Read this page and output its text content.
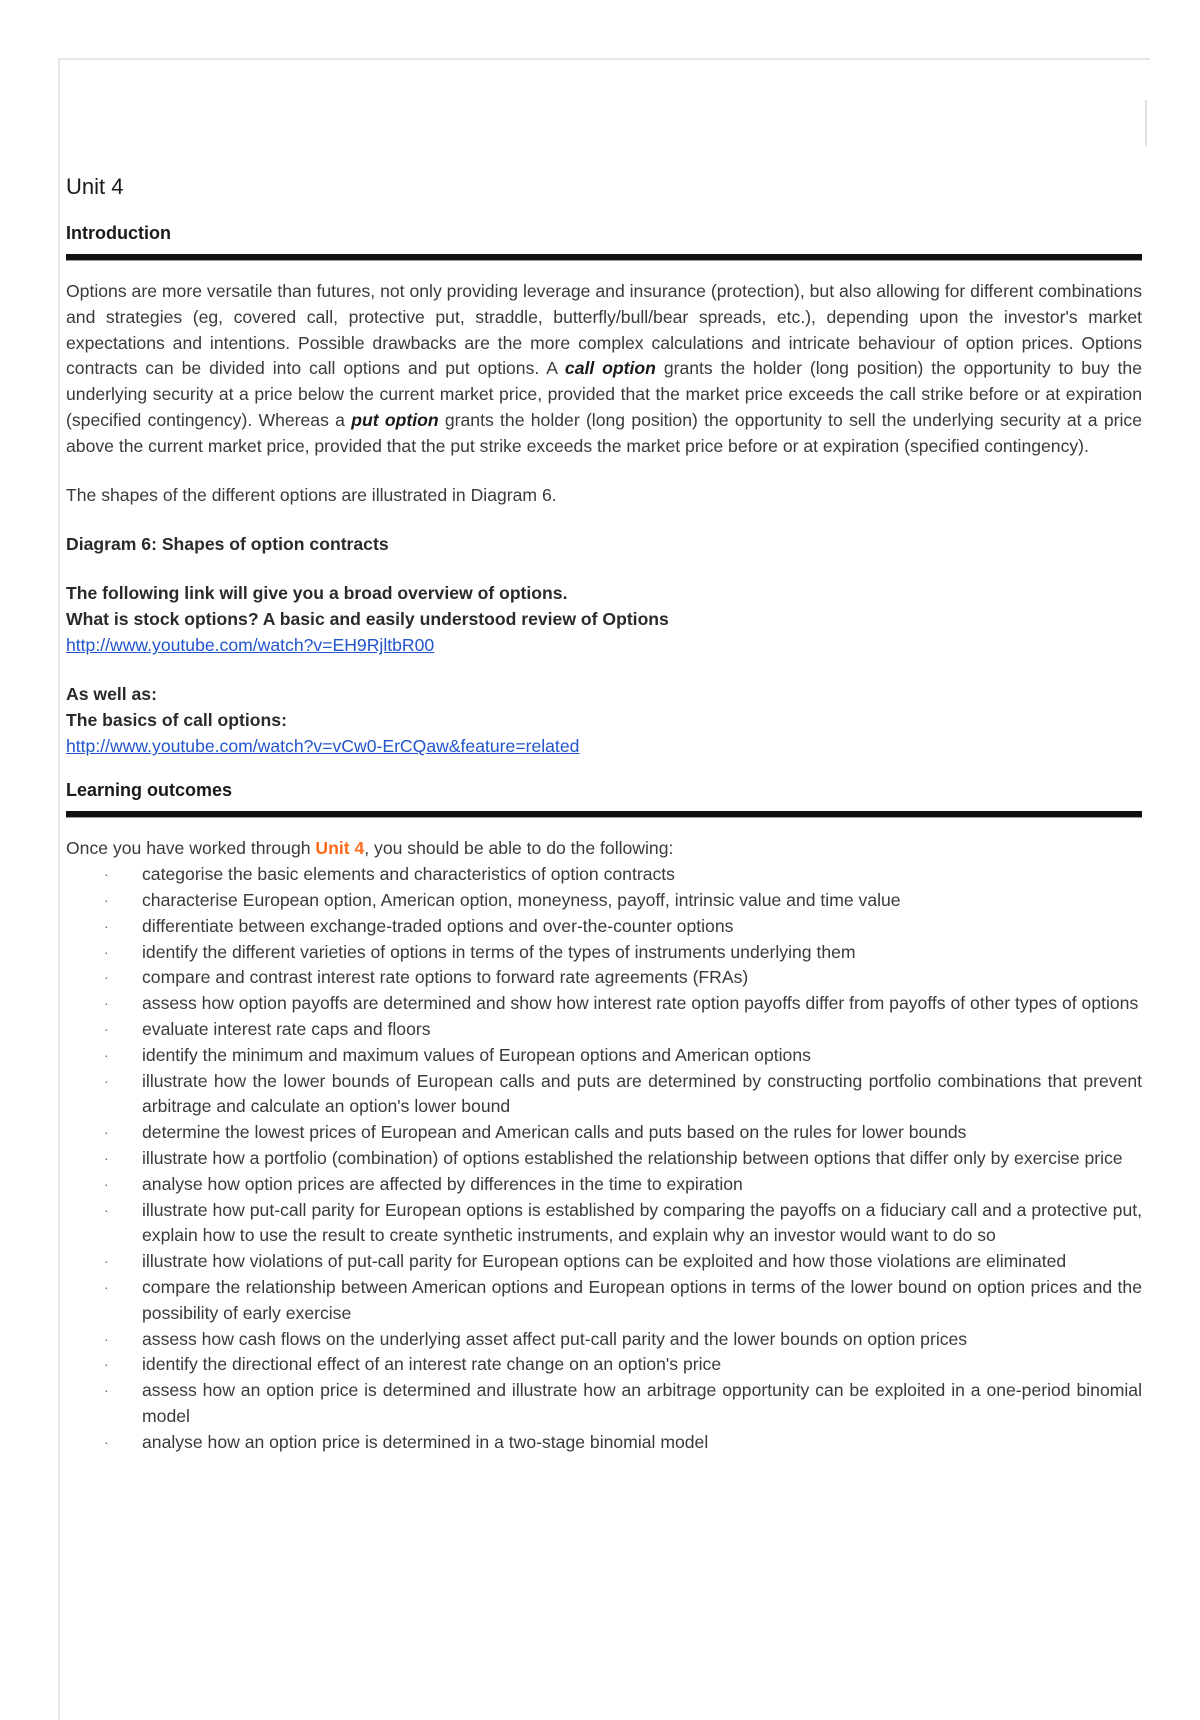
Unit 4
Introduction

Options are more versatile than futures, not only providing leverage and insurance (protection), but also allowing for different combinations and strategies (eg, covered call, protective put, straddle, butterfly/bull/bear spreads, etc.), depending upon the investor's market expectations and intentions. Possible drawbacks are the more complex calculations and intricate behaviour of option prices. Options contracts can be divided into call options and put options. A call option grants the holder (long position) the opportunity to buy the underlying security at a price below the current market price, provided that the market price exceeds the call strike before or at expiration (specified contingency). Whereas a put option grants the holder (long position) the opportunity to sell the underlying security at a price above the current market price, provided that the put strike exceeds the market price before or at expiration (specified contingency).

The shapes of the different options are illustrated in Diagram 6.

Diagram 6: Shapes of option contracts

The following link will give you a broad overview of options.

What is stock options? A basic and easily understood review of Options

http://www.youtube.com/watch?v=EH9RjltbR00

As well as:

The basics of call options:

http://www.youtube.com/watch?v=vCw0-ErCQaw&feature=related

Learning outcomes

Once you have worked through Unit 4, you should be able to do the following:

· categorise the basic elements and characteristics of option contracts
· characterise European option, American option, moneyness, payoff, intrinsic value and time value
· differentiate between exchange-traded options and over-the-counter options
· identify the different varieties of options in terms of the types of instruments underlying them
· compare and contrast interest rate options to forward rate agreements (FRAs)
· assess how option payoffs are determined and show how interest rate option payoffs differ from payoffs of other types of options
· evaluate interest rate caps and floors
· identify the minimum and maximum values of European options and American options
· illustrate how the lower bounds of European calls and puts are determined by constructing portfolio combinations that prevent arbitrage and calculate an option's lower bound
· determine the lowest prices of European and American calls and puts based on the rules for lower bounds
· illustrate how a portfolio (combination) of options established the relationship between options that differ only by exercise price
· analyse how option prices are affected by differences in the time to expiration
· illustrate how put-call parity for European options is established by comparing the payoffs on a fiduciary call and a protective put, explain how to use the result to create synthetic instruments, and explain why an investor would want to do so
· illustrate how violations of put-call parity for European options can be exploited and how those violations are eliminated
· compare the relationship between American options and European options in terms of the lower bound on option prices and the possibility of early exercise
· assess how cash flows on the underlying asset affect put-call parity and the lower bounds on option prices
· identify the directional effect of an interest rate change on an option's price
· assess how an option price is determined and illustrate how an arbitrage opportunity can be exploited in a one-period binomial model
· analyse how an option price is determined in a two-stage binomial model
